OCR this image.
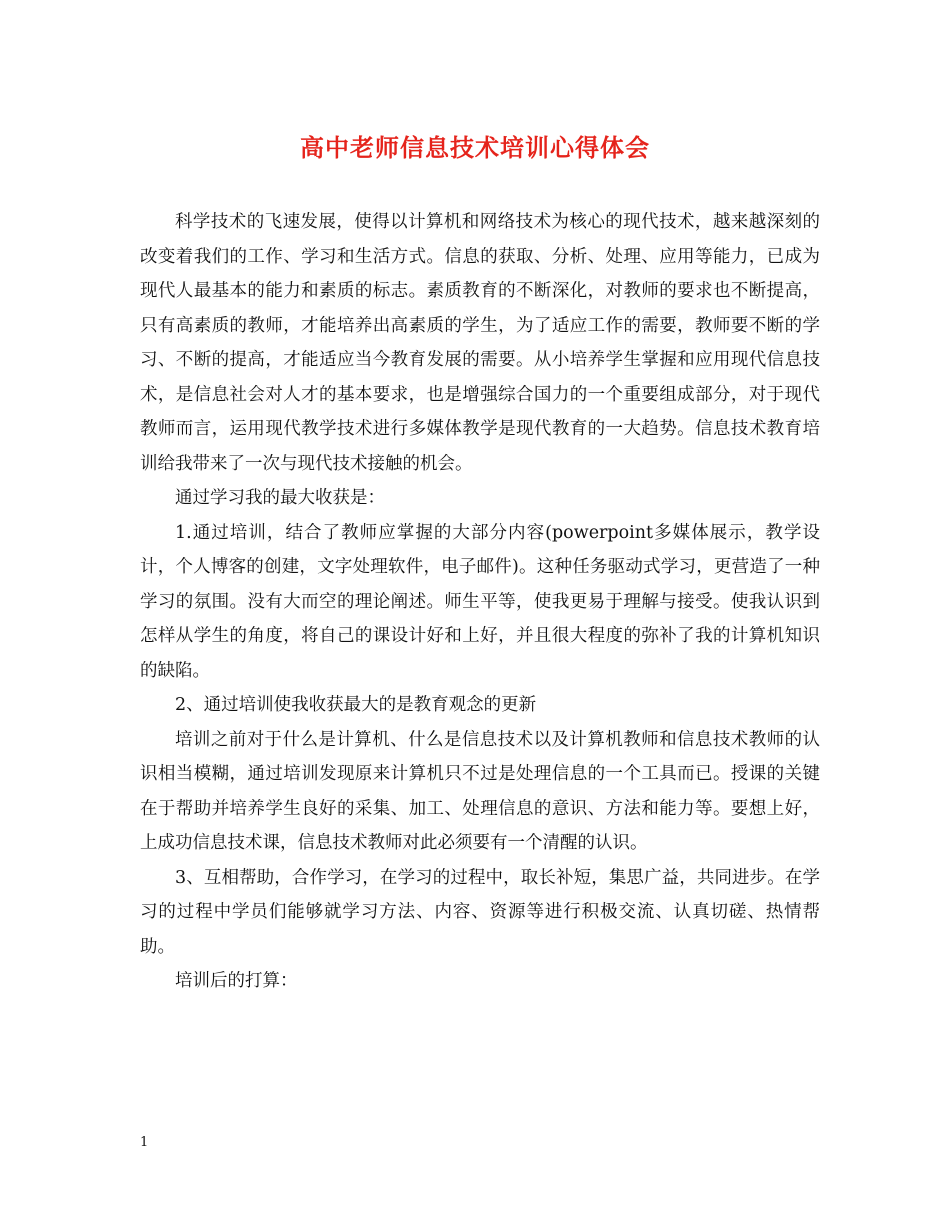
高中老师信息技术培训心得体会

科学技术的飞速发展，使得以计算机和网络技术为核心的现代技术，越来越深刻的改变着我们的工作、学习和生活方式。信息的获取、分析、处理、应用等能力，已成为现代人最基本的能力和素质的标志。素质教育的不断深化，对教师的要求也不断提高，只有高素质的教师，才能培养出高素质的学生，为了适应工作的需要，教师要不断的学习、不断的提高，才能适应当今教育发展的需要。从小培养学生掌握和应用现代信息技术，是信息社会对人才的基本要求，也是增强综合国力的一个重要组成部分，对于现代教师而言，运用现代教学技术进行多媒体教学是现代教育的一大趋势。信息技术教育培训给我带来了一次与现代技术接触的机会。

通过学习我的最大收获是：

1.通过培训，结合了教师应掌握的大部分内容(powerpoint多媒体展示，教学设计，个人博客的创建，文字处理软件，电子邮件)。这种任务驱动式学习，更营造了一种学习的氛围。没有大而空的理论阐述。师生平等，使我更易于理解与接受。使我认识到怎样从学生的角度，将自己的课设计好和上好，并且很大程度的弥补了我的计算机知识的缺陷。

2、通过培训使我收获最大的是教育观念的更新

培训之前对于什么是计算机、什么是信息技术以及计算机教师和信息技术教师的认识相当模糊，通过培训发现原来计算机只不过是处理信息的一个工具而已。授课的关键在于帮助并培养学生良好的采集、加工、处理信息的意识、方法和能力等。要想上好，上成功信息技术课，信息技术教师对此必须要有一个清醒的认识。

3、互相帮助，合作学习，在学习的过程中，取长补短，集思广益，共同进步。在学习的过程中学员们能够就学习方法、内容、资源等进行积极交流、认真切磋、热情帮助。

培训后的打算：

1
